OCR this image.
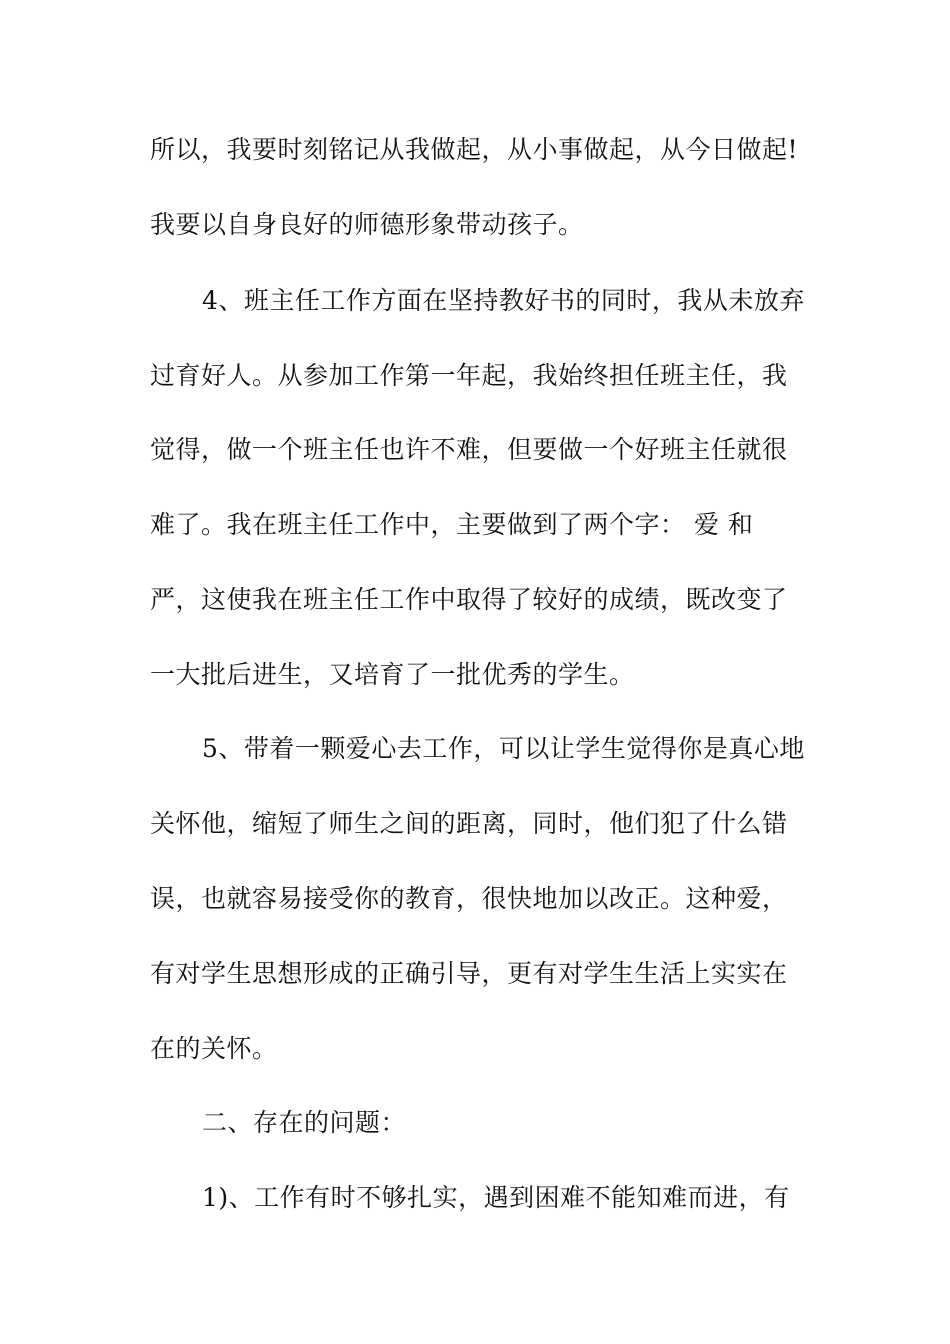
所以，我要时刻铭记从我做起，从小事做起，从今日做起!
我要以自身良好的师德形象带动孩子。
4、班主任工作方面在坚持教好书的同时，我从未放弃
过育好人。从参加工作第一年起，我始终担任班主任，我
觉得，做一个班主任也许不难，但要做一个好班主任就很
难了。我在班主任工作中，主要做到了两个字： 爱 和
严，这使我在班主任工作中取得了较好的成绩，既改变了
一大批后进生，又培育了一批优秀的学生。
5、带着一颗爱心去工作，可以让学生觉得你是真心地
关怀他，缩短了师生之间的距离，同时，他们犯了什么错
误，也就容易接受你的教育，很快地加以改正。这种爱，
有对学生思想形成的正确引导，更有对学生生活上实实在
在的关怀。
二、存在的问题：
1)、工作有时不够扎实，遇到困难不能知难而进，有
